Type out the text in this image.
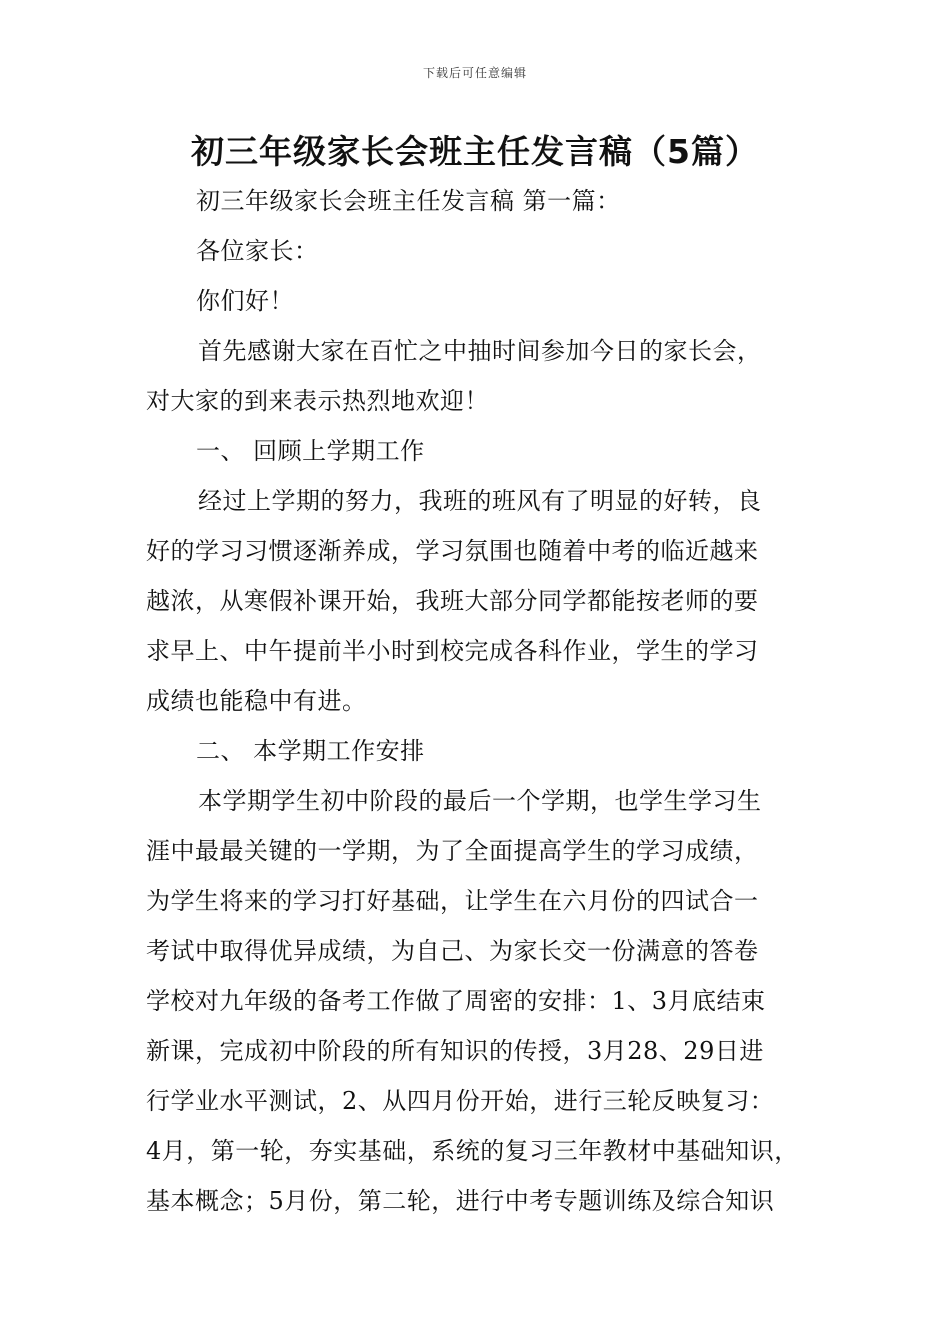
下载后可任意编辑
初三年级家长会班主任发言稿（5篇）
初三年级家长会班主任发言稿 第一篇：
各位家长：
你们好！
首先感谢大家在百忙之中抽时间参加今日的家长会，
对大家的到来表示热烈地欢迎！
一、 回顾上学期工作
经过上学期的努力，我班的班风有了明显的好转，良
好的学习习惯逐渐养成，学习氛围也随着中考的临近越来
越浓，从寒假补课开始，我班大部分同学都能按老师的要
求早上、中午提前半小时到校完成各科作业，学生的学习
成绩也能稳中有进。
二、 本学期工作安排
本学期学生初中阶段的最后一个学期，也学生学习生
涯中最最关键的一学期，为了全面提高学生的学习成绩，
为学生将来的学习打好基础，让学生在六月份的四试合一
考试中取得优异成绩，为自己、为家长交一份满意的答卷
学校对九年级的备考工作做了周密的安排：1、3月底结束
新课，完成初中阶段的所有知识的传授，3月28、29日进
行学业水平测试，2、从四月份开始，进行三轮反映复习：
4月，第一轮，夯实基础，系统的复习三年教材中基础知识，
基本概念；5月份，第二轮，进行中考专题训练及综合知识
